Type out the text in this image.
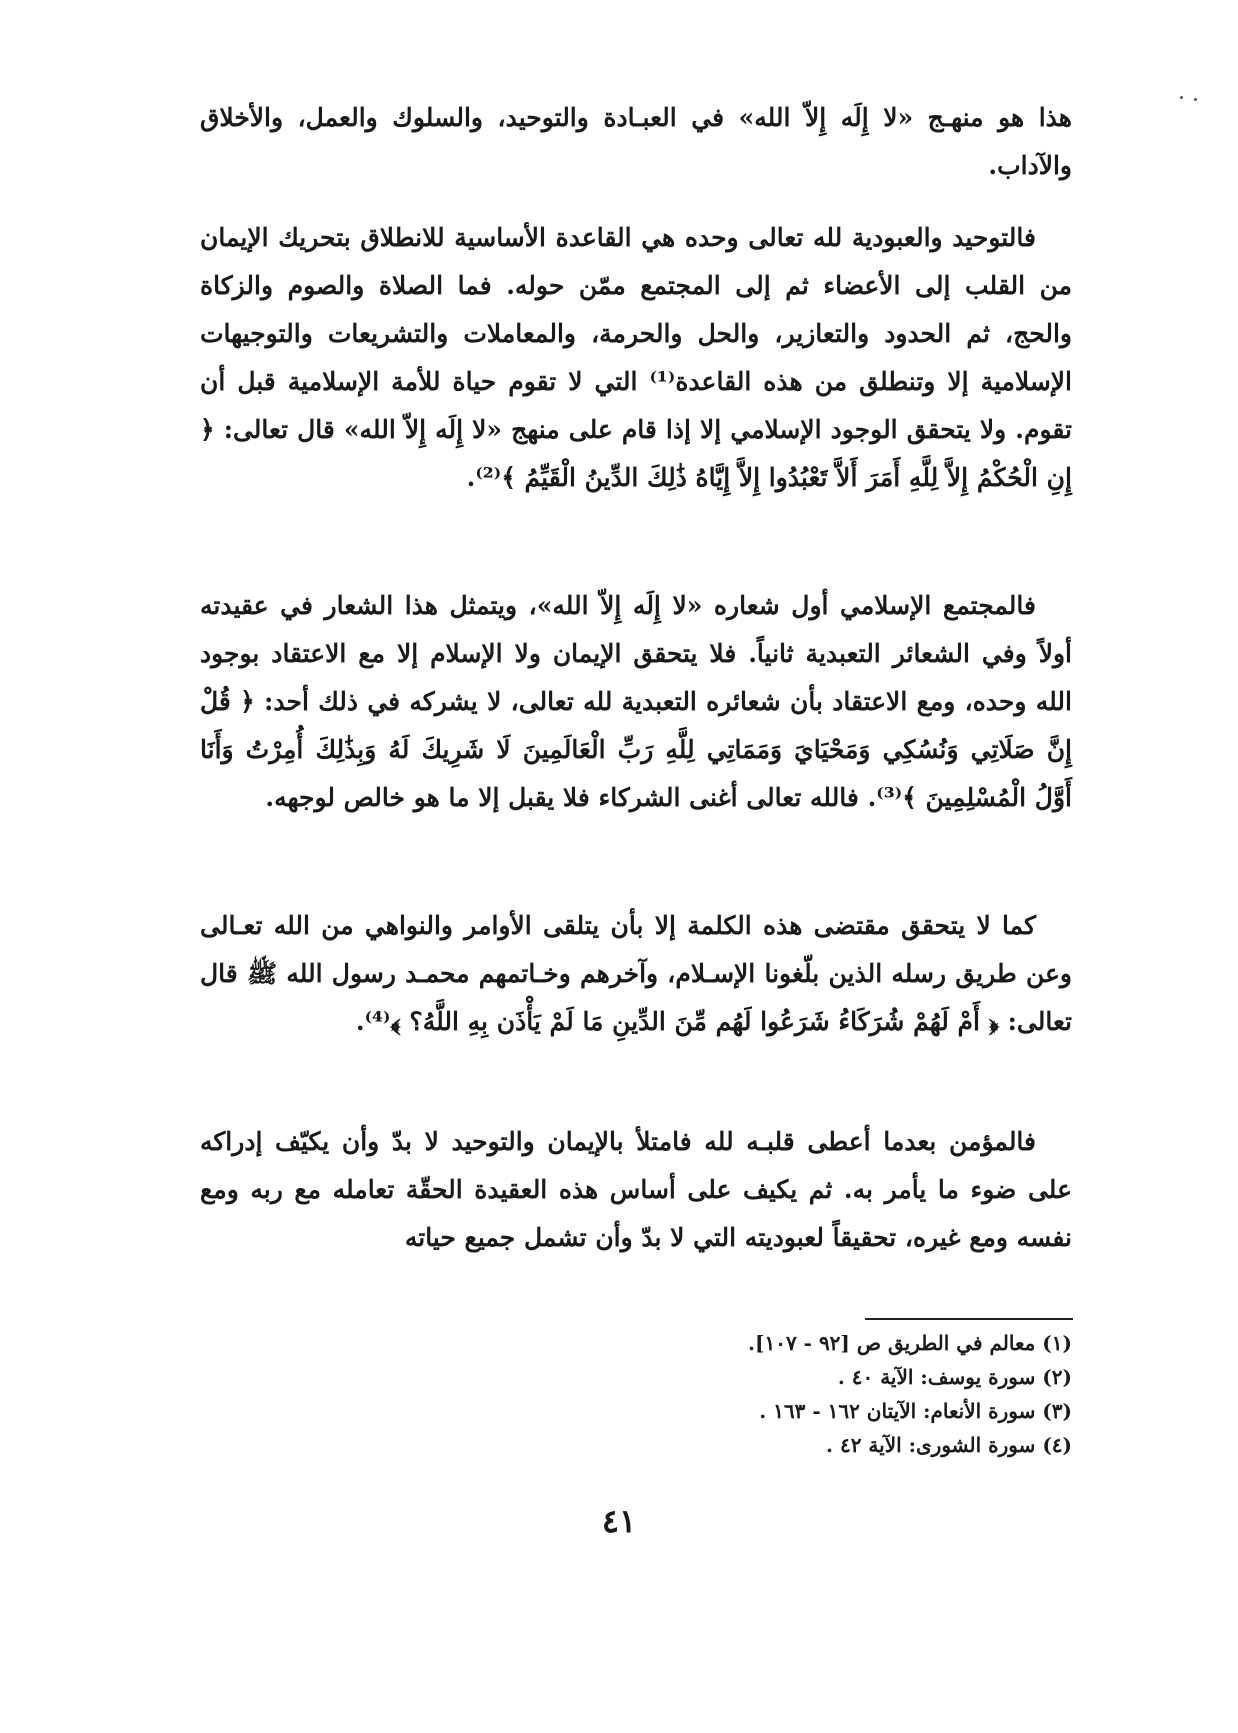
هذا هو منهـج «لا إِلَه إِلاّ الله» في العبـادة والتوحيد، والسلوك والعمل، والأخلاق والآداب.

فالتوحيد والعبودية لله تعالى وحده هي القاعدة الأساسية للانطلاق بتحريك الإيمان من القلب إلى الأعضاء ثم إلى المجتمع ممّن حوله. فما الصلاة والصوم والزكاة والحج، ثم الحدود والتعازير، والحل والحرمة، والمعاملات والتشريعات والتوجيهات الإسلامية إلا وتنطلق من هذه القاعدة⁽¹⁾ التي لا تقوم حياة للأمة الإسلامية قبل أن تقوم. ولا يتحقق الوجود الإسلامي إلا إذا قام على منهج «لا إِلَه إِلاّ الله» قال تعالى: ﴿ إِنِ الْحُكْمُ إِلاَّ لِلَّهِ أَمَرَ أَلاَّ تَعْبُدُوا إِلاَّ إِيَّاهُ ذَٰلِكَ الدِّينُ الْقَيِّمُ ﴾⁽²⁾.

فالمجتمع الإسلامي أول شعاره «لا إِلَه إِلاّ الله»، ويتمثل هذا الشعار في عقيدته أولاً وفي الشعائر التعبدية ثانياً. فلا يتحقق الإيمان ولا الإسلام إلا مع الاعتقاد بوجود الله وحده، ومع الاعتقاد بأن شعائره التعبدية لله تعالى، لا يشركه في ذلك أحد: ﴿ قُلْ إِنَّ صَلَاتِي وَنُسُكِي وَمَحْيَايَ وَمَمَاتِي لِلَّهِ رَبِّ الْعَالَمِينَ لَا شَرِيكَ لَهُ وَبِذَٰلِكَ أُمِرْتُ وَأَنَا أَوَّلُ الْمُسْلِمِينَ ﴾⁽³⁾. فالله تعالى أغنى الشركاء فلا يقبل إلا ما هو خالص لوجهه.

كما لا يتحقق مقتضى هذه الكلمة إلا بأن يتلقى الأوامر والنواهي من الله تعـالى وعن طريق رسله الذين بلّغونا الإسـلام، وآخرهم وخـاتمهم محمـد رسول الله ﷺ قال تعالى: ﴿ أَمْ لَهُمْ شُرَكَاءُ شَرَعُوا لَهُم مِّنَ الدِّينِ مَا لَمْ يَأْذَن بِهِ اللَّهُ؟ ﴾⁽⁴⁾.

فالمؤمن بعدما أعطى قلبـه لله فامتلأ بالإيمان والتوحيد لا بدّ وأن يكيّف إدراكه على ضوء ما يأمر به. ثم يكيف على أساس هذه العقيدة الحقّة تعامله مع ربه ومع نفسه ومع غيره، تحقيقاً لعبوديته التي لا بدّ وأن تشمل جميع حياته

(١) معالم في الطريق ص [٩٢ - ١٠٧].
(٢) سورة يوسف: الآية ٤٠ .
(٣) سورة الأنعام: الآيتان ١٦٢ - ١٦٣ .
(٤) سورة الشورى: الآية ٤٢ .
٤١
